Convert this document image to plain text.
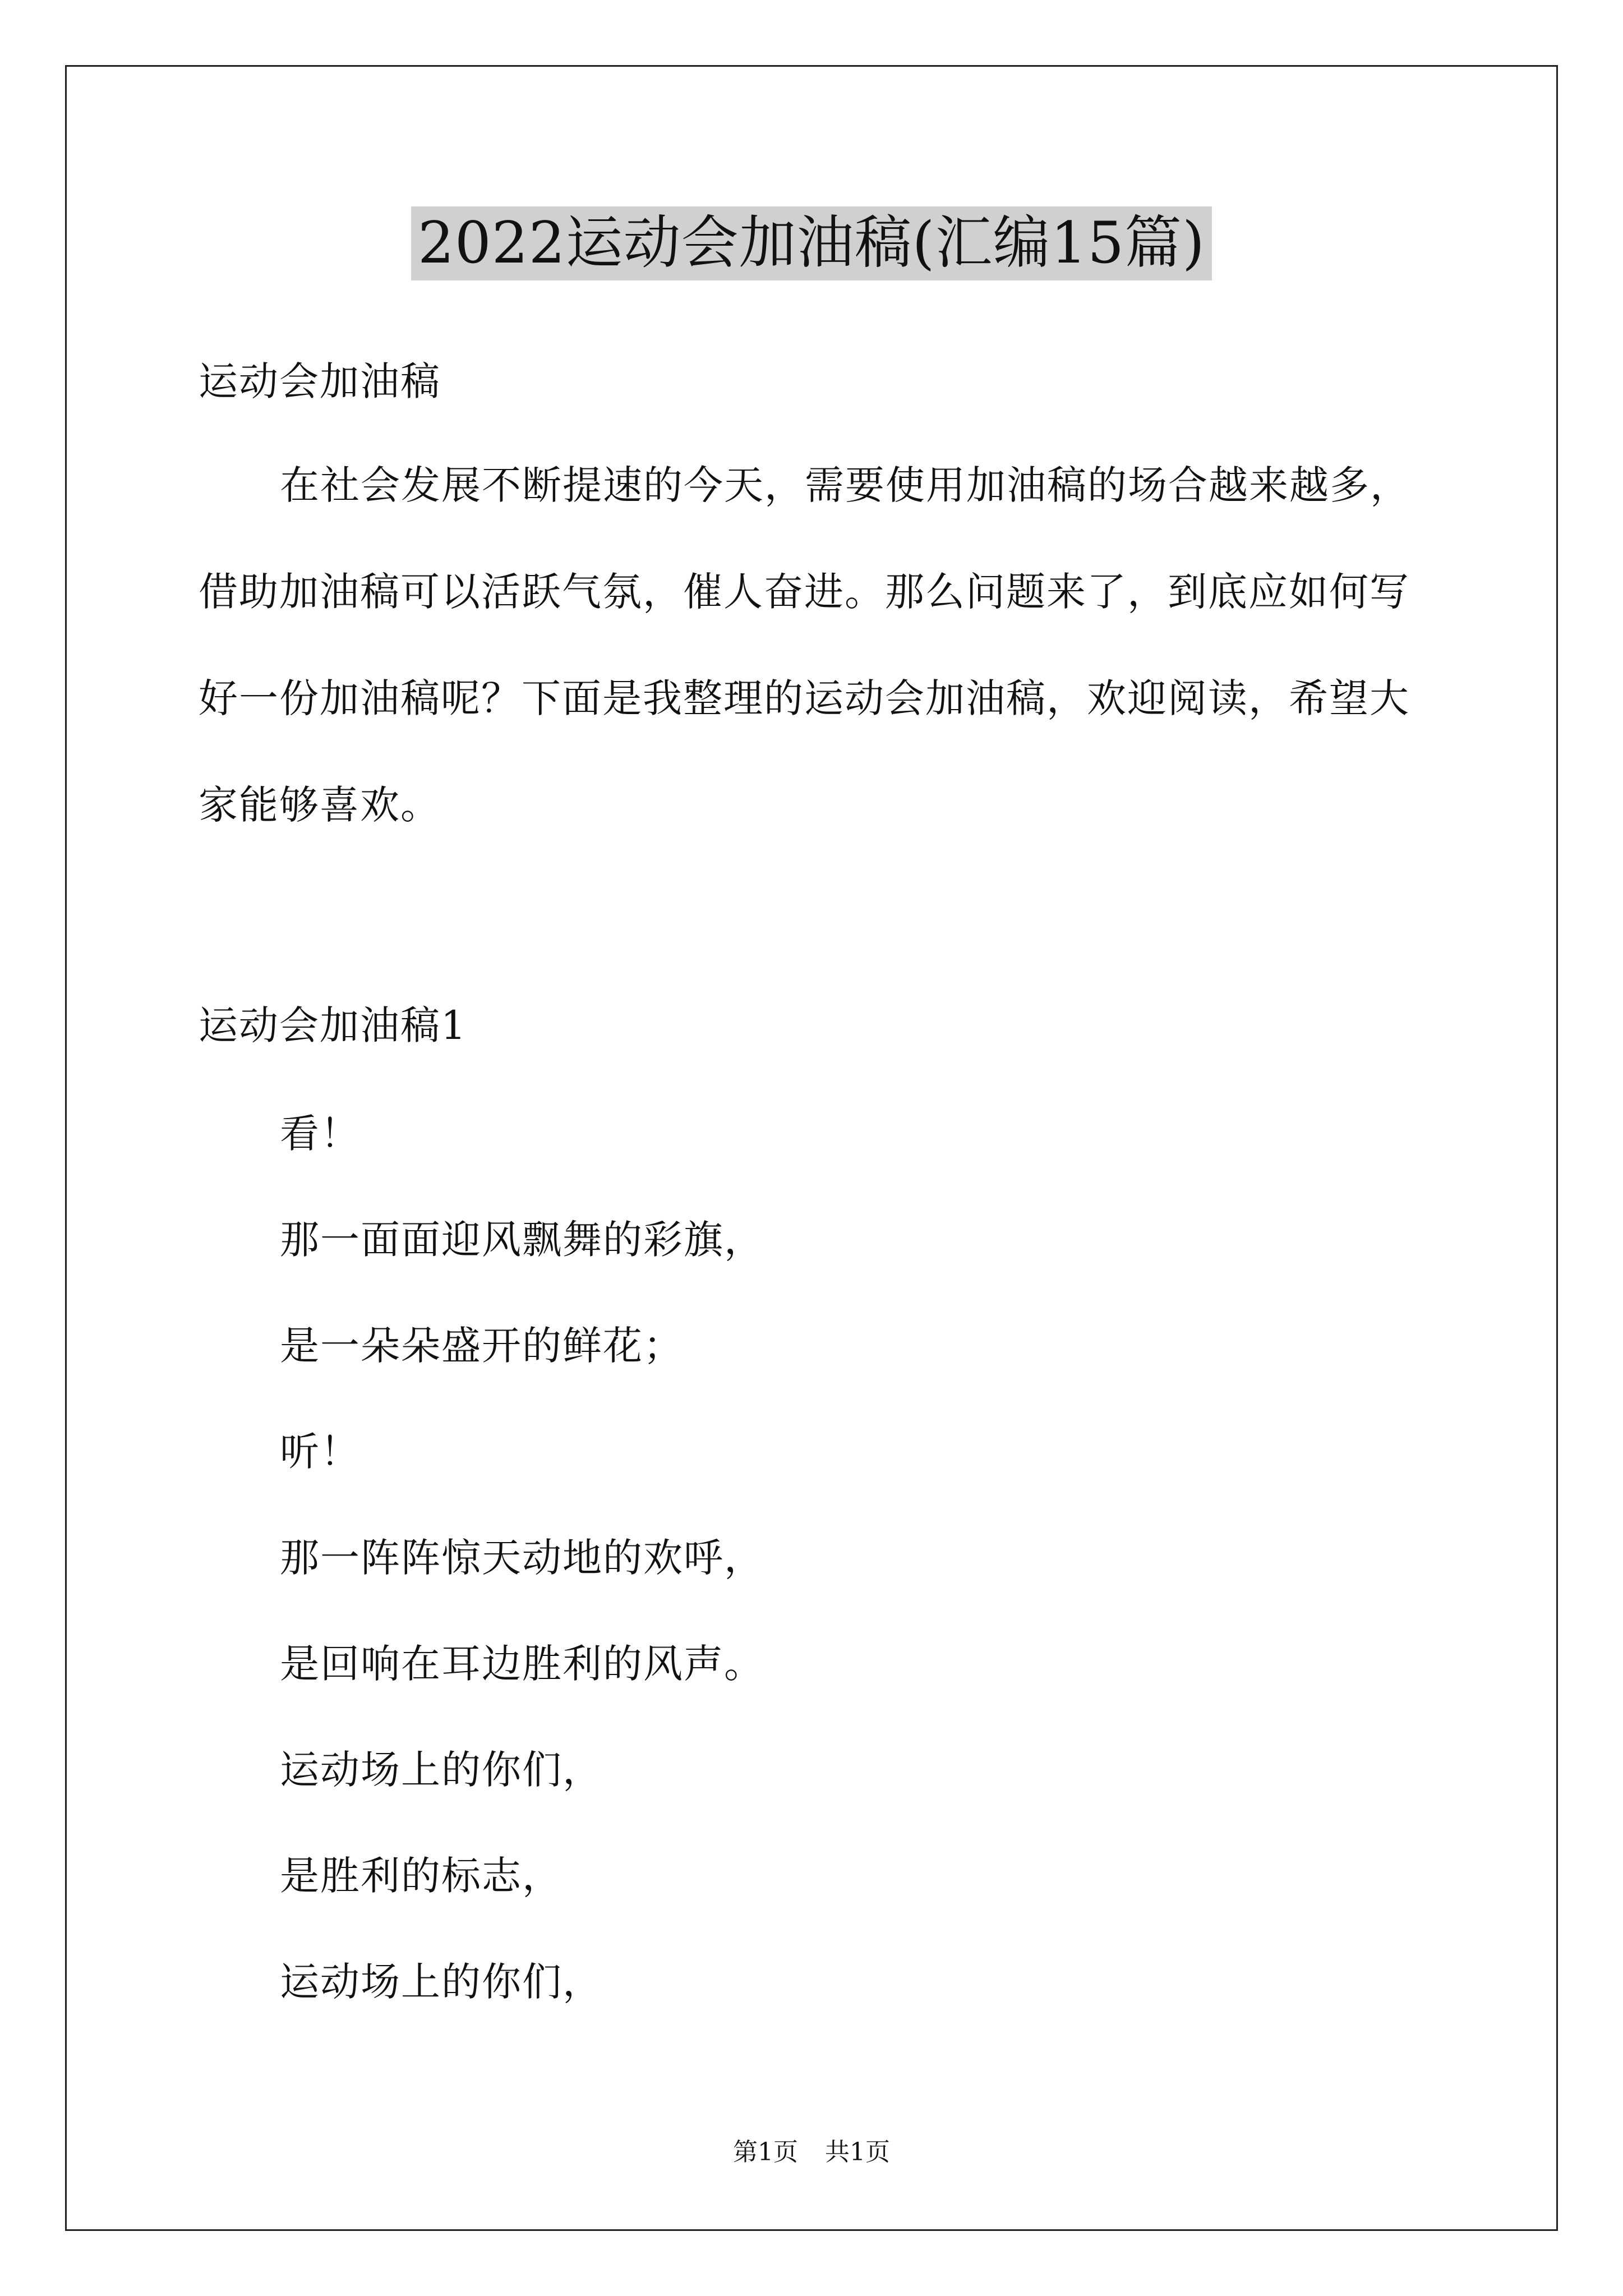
2022运动会加油稿(汇编15篇)
运动会加油稿
在社会发展不断提速的今天，需要使用加油稿的场合越来越多，借助加油稿可以活跃气氛，催人奋进。那么问题来了，到底应如何写好一份加油稿呢？下面是我整理的运动会加油稿，欢迎阅读，希望大家能够喜欢。
运动会加油稿1
看！
那一面面迎风飘舞的彩旗，
是一朵朵盛开的鲜花；
听！
那一阵阵惊天动地的欢呼，
是回响在耳边胜利的风声。
运动场上的你们，
是胜利的标志，
运动场上的你们，
第1页 共1页
